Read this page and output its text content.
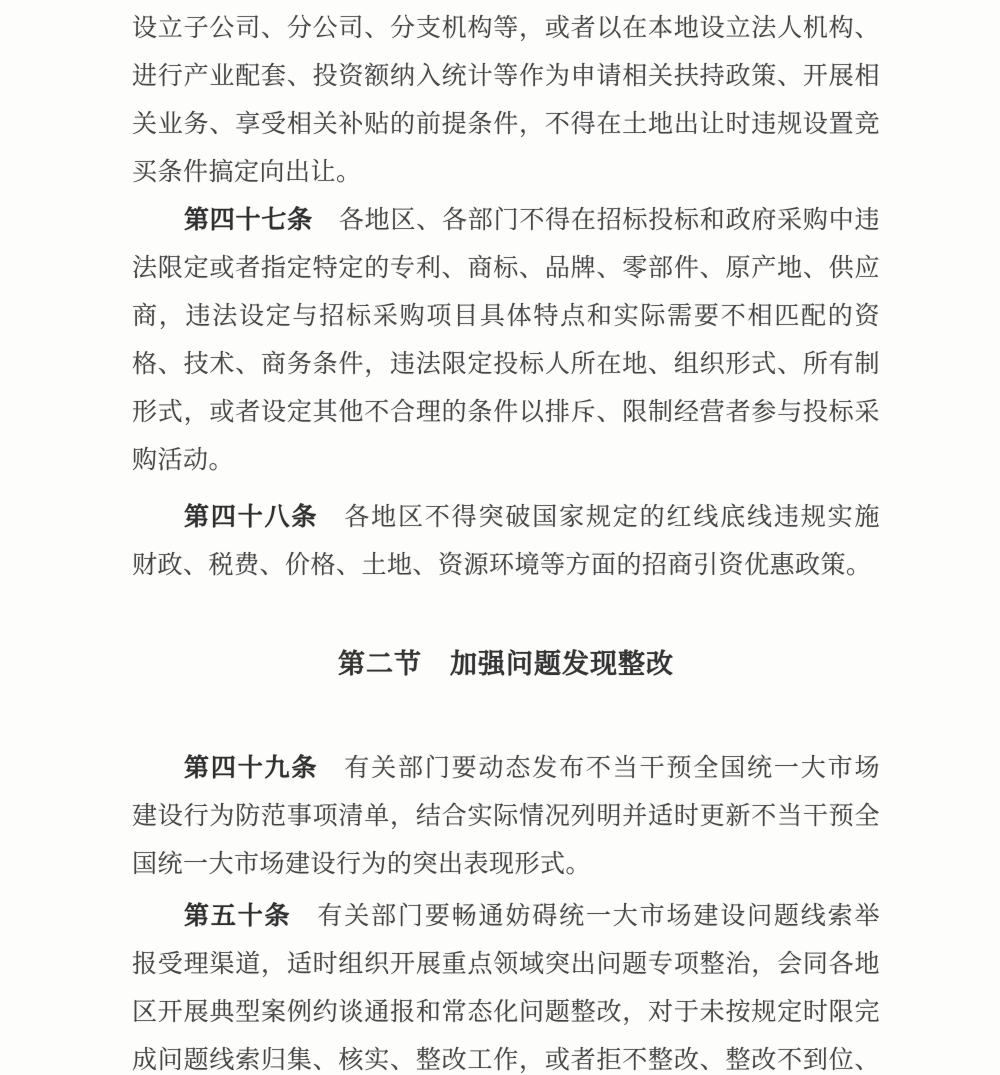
设立子公司、分公司、分支机构等，或者以在本地设立法人机构、
进行产业配套、投资额纳入统计等作为申请相关扶持政策、开展相
关业务、享受相关补贴的前提条件，不得在土地出让时违规设置竞
买条件搞定向出让。
第四十七条 各地区、各部门不得在招标投标和政府采购中违
法限定或者指定特定的专利、商标、品牌、零部件、原产地、供应
商，违法设定与招标采购项目具体特点和实际需要不相匹配的资
格、技术、商务条件，违法限定投标人所在地、组织形式、所有制
形式，或者设定其他不合理的条件以排斥、限制经营者参与投标采
购活动。
第四十八条 各地区不得突破国家规定的红线底线违规实施
财政、税费、价格、土地、资源环境等方面的招商引资优惠政策。
第二节　加强问题发现整改
第四十九条 有关部门要动态发布不当干预全国统一大市场
建设行为防范事项清单，结合实际情况列明并适时更新不当干预全
国统一大市场建设行为的突出表现形式。
第五十条 有关部门要畅通妨碍统一大市场建设问题线索举
报受理渠道，适时组织开展重点领域突出问题专项整治，会同各地
区开展典型案例约谈通报和常态化问题整改，对于未按规定时限完
成问题线索归集、核实、整改工作，或者拒不整改、整改不到位、
